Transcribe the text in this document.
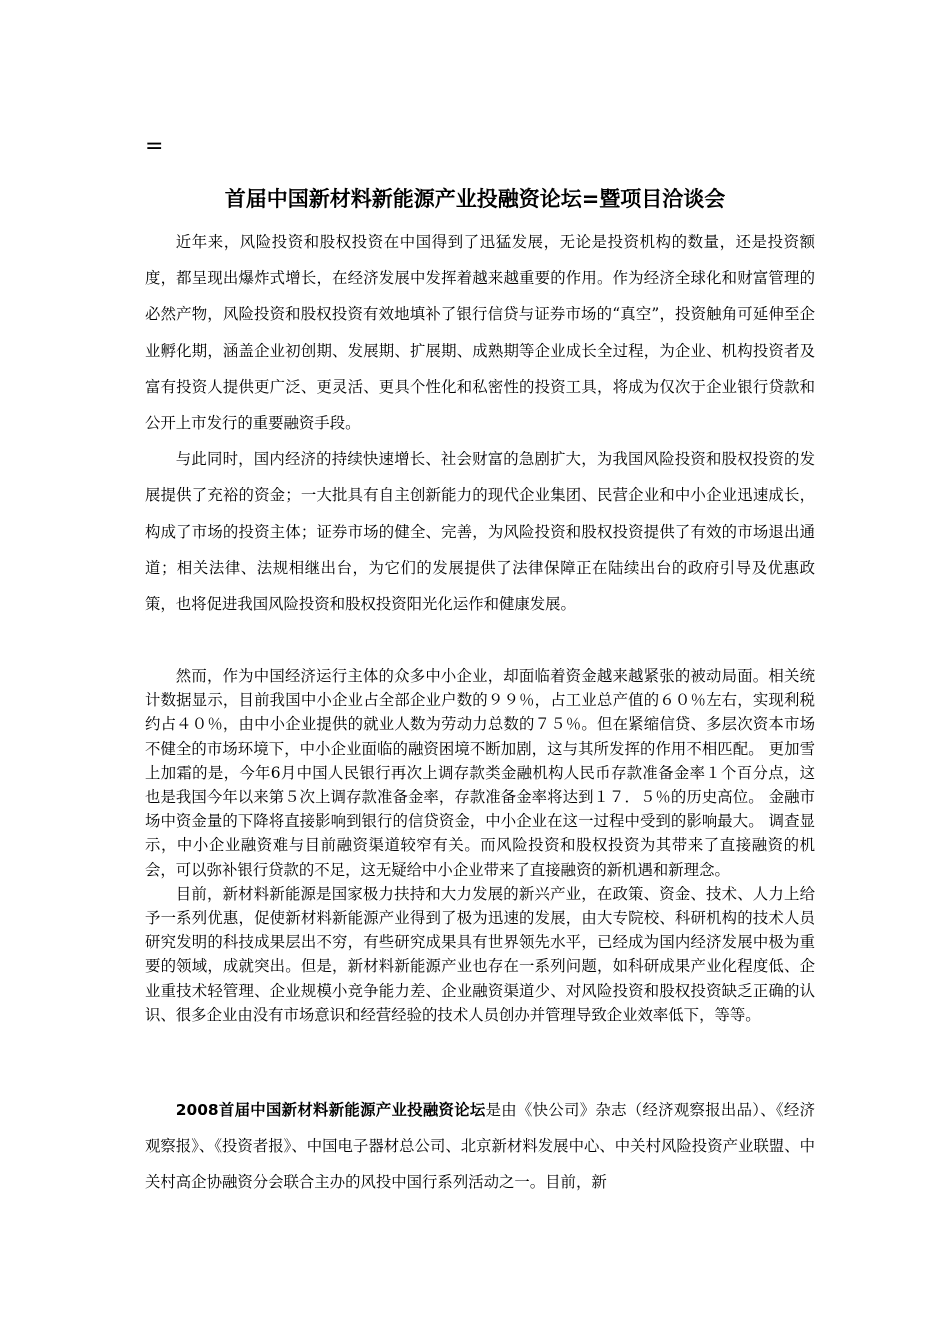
=
首届中国新材料新能源产业投融资论坛=暨项目洽谈会

近年来，风险投资和股权投资在中国得到了迅猛发展，无论是投资机构的数量，还是投资额度，都呈现出爆炸式增长，在经济发展中发挥着越来越重要的作用。作为经济全球化和财富管理的必然产物，风险投资和股权投资有效地填补了银行信贷与证券市场的“真空”，投资触角可延伸至企业孵化期，涵盖企业初创期、发展期、扩展期、成熟期等企业成长全过程，为企业、机构投资者及富有投资人提供更广泛、更灵活、更具个性化和私密性的投资工具，将成为仅次于企业银行贷款和公开上市发行的重要融资手段。

与此同时，国内经济的持续快速增长、社会财富的急剧扩大，为我国风险投资和股权投资的发展提供了充裕的资金；一大批具有自主创新能力的现代企业集团、民营企业和中小企业迅速成长，构成了市场的投资主体；证券市场的健全、完善，为风险投资和股权投资提供了有效的市场退出通道；相关法律、法规相继出台，为它们的发展提供了法律保障正在陆续出台的政府引导及优惠政策，也将促进我国风险投资和股权投资阳光化运作和健康发展。

然而，作为中国经济运行主体的众多中小企业，却面临着资金越来越紧张的被动局面。相关统计数据显示，目前我国中小企业占全部企业户数的９９％，占工业总产值的６０％左右，实现利税约占４０％，由中小企业提供的就业人数为劳动力总数的７５％。但在紧缩信贷、多层次资本市场不健全的市场环境下，中小企业面临的融资困境不断加剧，这与其所发挥的作用不相匹配。 更加雪上加霜的是，今年6月中国人民银行再次上调存款类金融机构人民币存款准备金率１个百分点，这也是我国今年以来第５次上调存款准备金率，存款准备金率将达到１７．５％的历史高位。 金融市场中资金量的下降将直接影响到银行的信贷资金，中小企业在这一过程中受到的影响最大。 调查显示，中小企业融资难与目前融资渠道较窄有关。而风险投资和股权投资为其带来了直接融资的机会，可以弥补银行贷款的不足，这无疑给中小企业带来了直接融资的新机遇和新理念。

目前，新材料新能源是国家极力扶持和大力发展的新兴产业，在政策、资金、技术、人力上给予一系列优惠，促使新材料新能源产业得到了极为迅速的发展，由大专院校、科研机构的技术人员研究发明的科技成果层出不穷，有些研究成果具有世界领先水平，已经成为国内经济发展中极为重要的领域，成就突出。但是，新材料新能源产业也存在一系列问题，如科研成果产业化程度低、企业重技术轻管理、企业规模小竞争能力差、企业融资渠道少、对风险投资和股权投资缺乏正确的认识、很多企业由没有市场意识和经营经验的技术人员创办并管理导致企业效率低下，等等。

2008首届中国新材料新能源产业投融资论坛是由《快公司》杂志（经济观察报出品）、《经济观察报》、《投资者报》、中国电子器材总公司、北京新材料发展中心、中关村风险投资产业联盟、中关村高企协融资分会联合主办的风投中国行系列活动之一。目前，新
